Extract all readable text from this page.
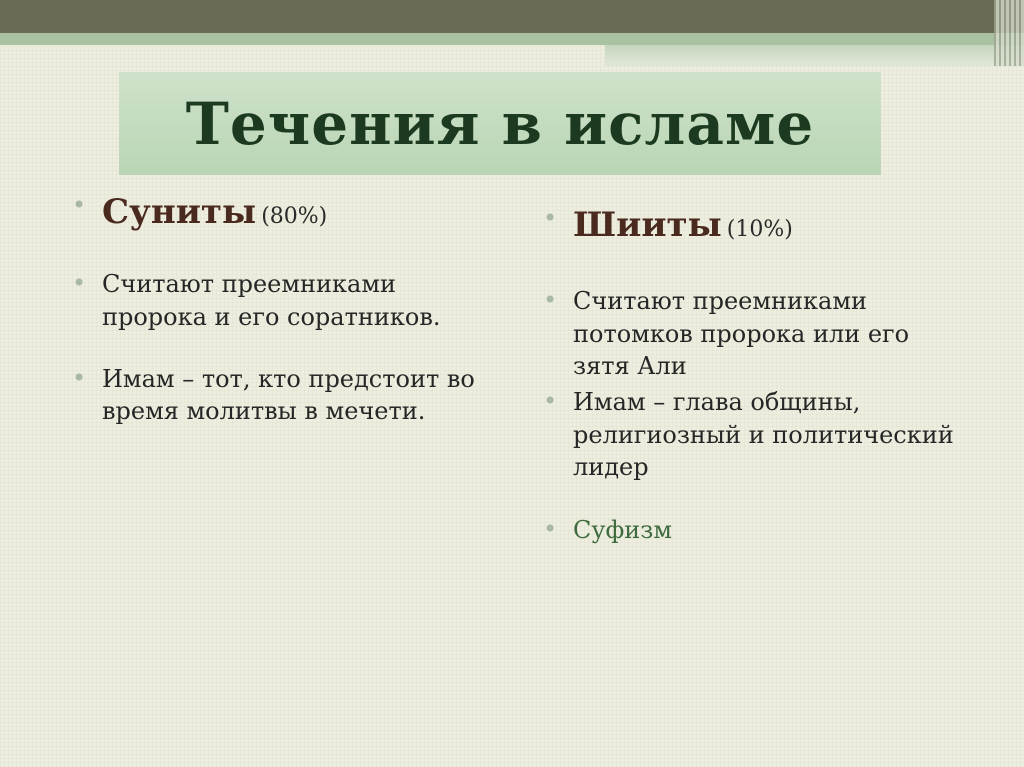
Течения в исламе
• Суниты (80%)
• Считают преемниками пророка и его соратников.
• Имам – тот, кто предстоит во время молитвы в мечети.
• Шииты (10%)
• Считают преемниками потомков пророка или его зятя Али
• Имам – глава общины, религиозный и политический лидер
• Суфизм
